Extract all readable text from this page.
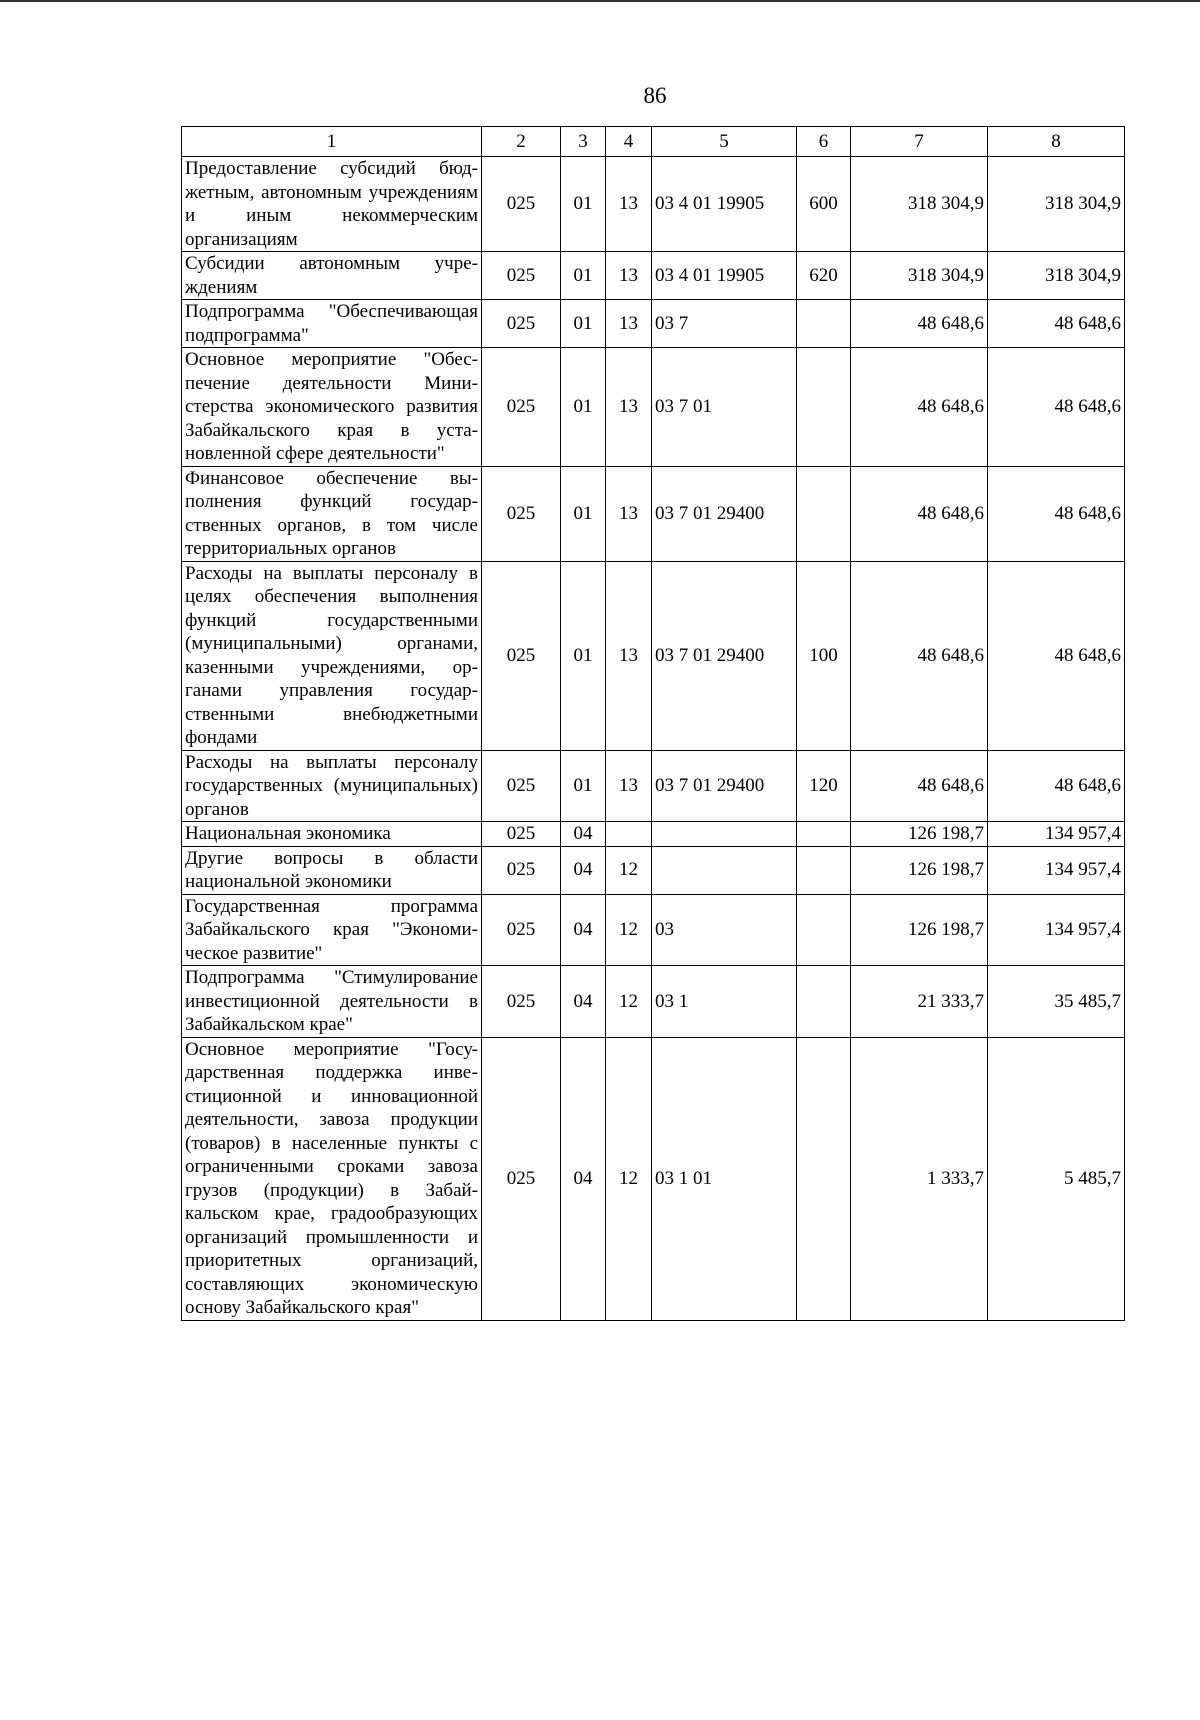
86
1	2	3	4	5	6	7	8
Предоставление субсидий бюджетным, автономным учреждениям и иным некоммерческим организациям	025	01	13	03 4 01 19905	600	318 304,9	318 304,9
Субсидии автономным учреждениям	025	01	13	03 4 01 19905	620	318 304,9	318 304,9
Подпрограмма "Обеспечивающая подпрограмма"	025	01	13	03 7		48 648,6	48 648,6
Основное мероприятие "Обеспечение деятельности Министерства экономического развития Забайкальского края в установленной сфере деятельности"	025	01	13	03 7 01		48 648,6	48 648,6
Финансовое обеспечение выполнения функций государственных органов, в том числе территориальных органов	025	01	13	03 7 01 29400		48 648,6	48 648,6
Расходы на выплаты персоналу в целях обеспечения выполнения функций государственными (муниципальными) органами, казенными учреждениями, органами управления государственными внебюджетными фондами	025	01	13	03 7 01 29400	100	48 648,6	48 648,6
Расходы на выплаты персоналу государственных (муниципальных) органов	025	01	13	03 7 01 29400	120	48 648,6	48 648,6
Национальная экономика	025	04				126 198,7	134 957,4
Другие вопросы в области национальной экономики	025	04	12			126 198,7	134 957,4
Государственная программа Забайкальского края "Экономическое развитие"	025	04	12	03		126 198,7	134 957,4
Подпрограмма "Стимулирование инвестиционной деятельности в Забайкальском крае"	025	04	12	03 1		21 333,7	35 485,7
Основное мероприятие "Государственная поддержка инвестиционной и инновационной деятельности, завоза продукции (товаров) в населенные пункты с ограниченными сроками завоза грузов (продукции) в Забайкальском крае, градообразующих организаций промышленности и приоритетных организаций, составляющих экономическую основу Забайкальского края"	025	04	12	03 1 01		1 333,7	5 485,7
